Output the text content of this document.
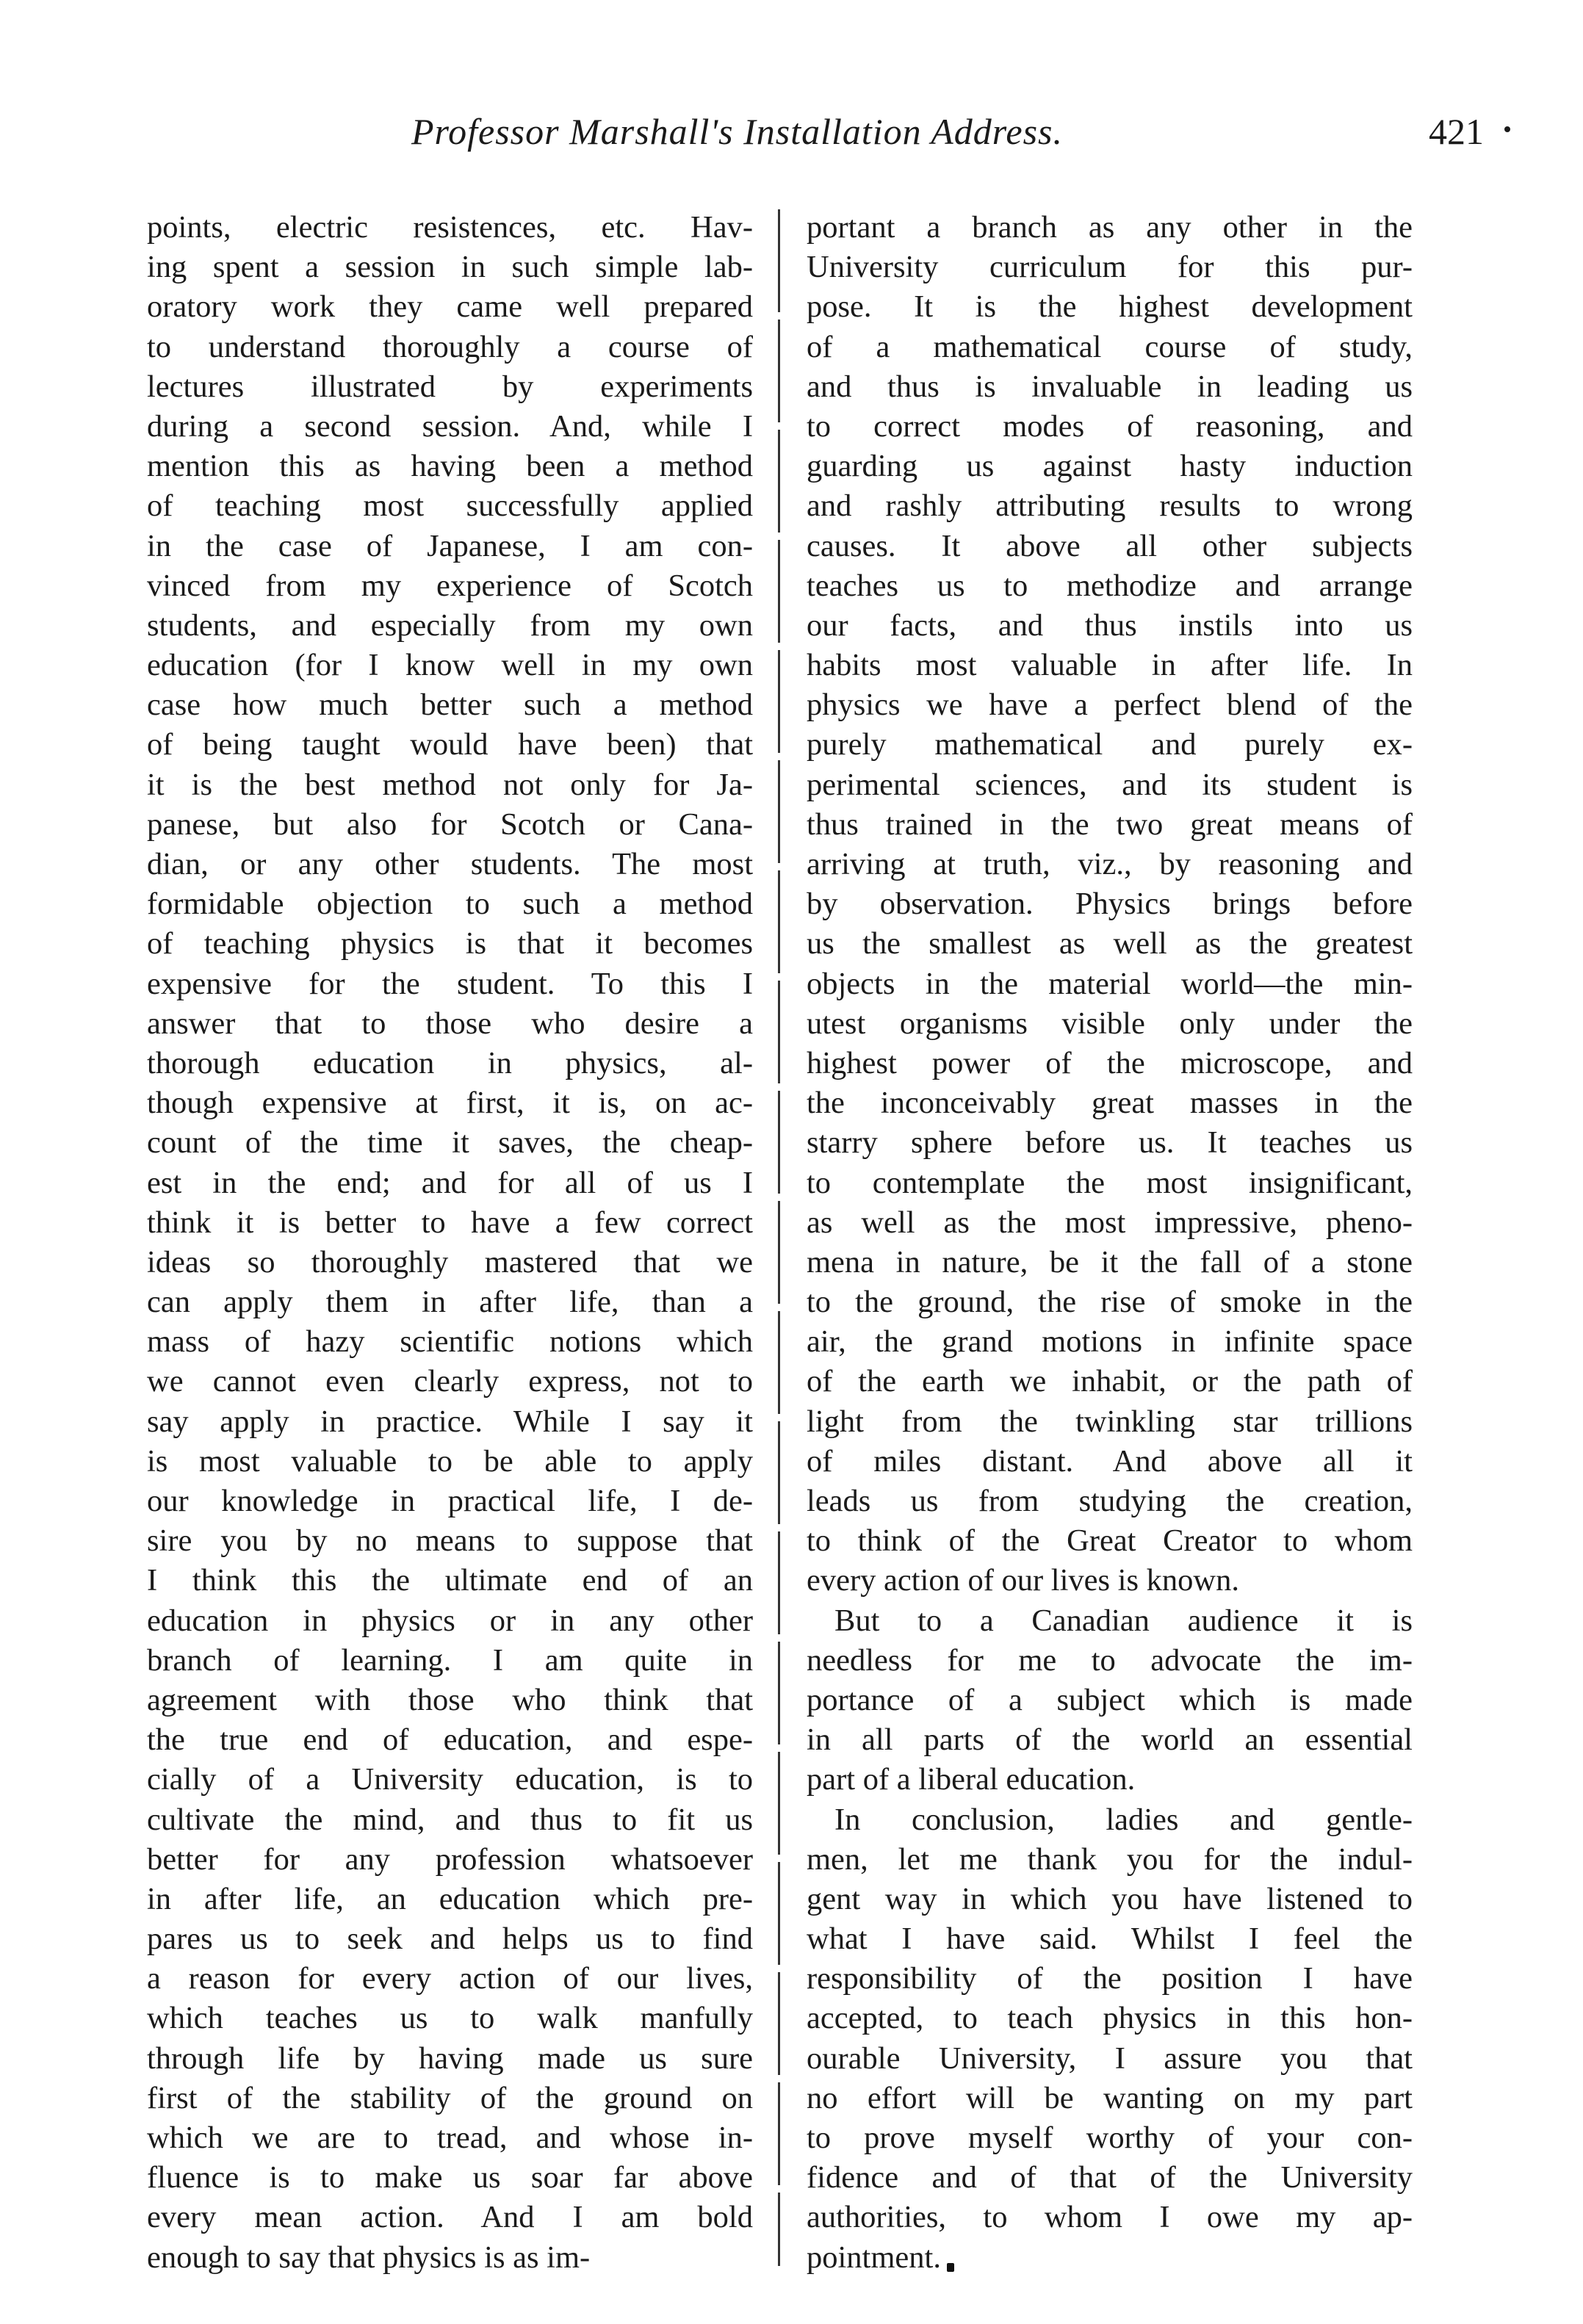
Professor Marshall's Installation Address.	421
points, electric resistences, etc. Hav-
ing spent a session in such simple lab-
oratory work they came well prepared
to understand thoroughly a course of
lectures illustrated by experiments
during a second session. And, while I
mention this as having been a method
of teaching most successfully applied
in the case of Japanese, I am con-
vinced from my experience of Scotch
students, and especially from my own
education (for I know well in my own
case how much better such a method
of being taught would have been) that
it is the best method not only for Ja-
panese, but also for Scotch or Cana-
dian, or any other students. The most
formidable objection to such a method
of teaching physics is that it becomes
expensive for the student. To this I
answer that to those who desire a
thorough education in physics, al-
though expensive at first, it is, on ac-
count of the time it saves, the cheap-
est in the end; and for all of us I
think it is better to have a few correct
ideas so thoroughly mastered that we
can apply them in after life, than a
mass of hazy scientific notions which
we cannot even clearly express, not to
say apply in practice. While I say it
is most valuable to be able to apply
our knowledge in practical life, I de-
sire you by no means to suppose that
I think this the ultimate end of an
education in physics or in any other
branch of learning. I am quite in
agreement with those who think that
the true end of education, and espe-
cially of a University education, is to
cultivate the mind, and thus to fit us
better for any profession whatsoever
in after life, an education which pre-
pares us to seek and helps us to find
a reason for every action of our lives,
which teaches us to walk manfully
through life by having made us sure
first of the stability of the ground on
which we are to tread, and whose in-
fluence is to make us soar far above
every mean action. And I am bold
enough to say that physics is as im-
portant a branch as any other in the
University curriculum for this pur-
pose. It is the highest development
of a mathematical course of study,
and thus is invaluable in leading us
to correct modes of reasoning, and
guarding us against hasty induction
and rashly attributing results to wrong
causes. It above all other subjects
teaches us to methodize and arrange
our facts, and thus instils into us
habits most valuable in after life. In
physics we have a perfect blend of the
purely mathematical and purely ex-
perimental sciences, and its student is
thus trained in the two great means of
arriving at truth, viz., by reasoning and
by observation. Physics brings before
us the smallest as well as the greatest
objects in the material world—the min-
utest organisms visible only under the
highest power of the microscope, and
the inconceivably great masses in the
starry sphere before us. It teaches us
to contemplate the most insignificant,
as well as the most impressive, pheno-
mena in nature, be it the fall of a stone
to the ground, the rise of smoke in the
air, the grand motions in infinite space
of the earth we inhabit, or the path of
light from the twinkling star trillions
of miles distant. And above all it
leads us from studying the creation,
to think of the Great Creator to whom
every action of our lives is known.
But to a Canadian audience it is
needless for me to advocate the im-
portance of a subject which is made
in all parts of the world an essential
part of a liberal education.
In conclusion, ladies and gentle-
men, let me thank you for the indul-
gent way in which you have listened to
what I have said. Whilst I feel the
responsibility of the position I have
accepted, to teach physics in this hon-
ourable University, I assure you that
no effort will be wanting on my part
to prove myself worthy of your con-
fidence and of that of the University
authorities, to whom I owe my ap-
pointment.
